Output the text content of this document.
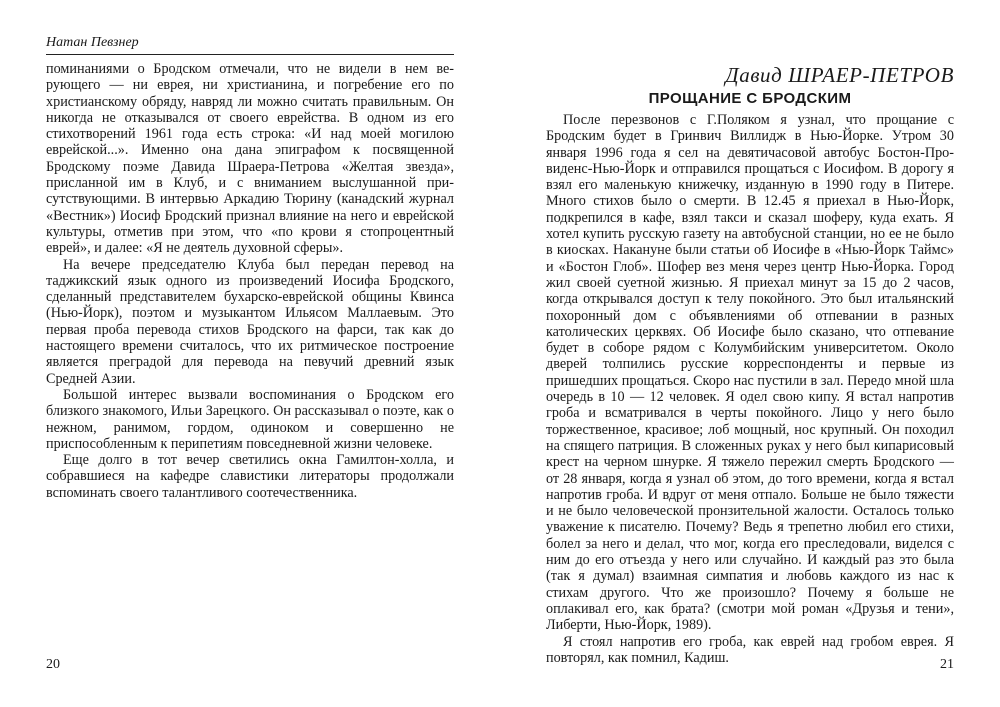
Натан Певзнер

поминаниями о Бродском отмечали, что не видели в нем верующего — ни еврея, ни христианина, и погребение его по христианскому обряду, навряд ли можно считать правильным. Он никогда не отказывался от своего еврейства. В одном из его стихотворений 1961 года есть строка: «И над моей могилою еврейской...». Именно она дана эпиграфом к посвященной Бродскому поэме Давида Шраера-Петрова «Желтая звезда», присланной им в Клуб, и с вниманием выслушанной присутствующими. В интервью Аркадию Тюрину (канадский журнал «Вестник») Иосиф Бродский признал влияние на него и еврейской культуры, отметив при этом, что «по крови я стопроцентный еврей», и далее: «Я не деятель духовной сферы».

На вечере председателю Клуба был передан перевод на таджикский язык одного из произведений Иосифа Бродского, сделанный представителем бухарско-еврейской общины Квинса (Нью-Йорк), поэтом и музыкантом Ильясом Маллаевым. Это первая проба перевода стихов Бродского на фарси, так как до настоящего времени считалось, что их ритмическое построение является преградой для перевода на певучий древний язык Средней Азии.

Большой интерес вызвали воспоминания о Бродском его близкого знакомого, Ильи Зарецкого. Он рассказывал о поэте, как о нежном, ранимом, гордом, одиноком и совершенно не приспособленным к перипетиям повседневной жизни человеке.

Еще долго в тот вечер светились окна Гамилтон-холла, и собравшиеся на кафедре славистики литераторы продолжали вспоминать своего талантливого соотечественника.

20
Давид ШРАЕР-ПЕТРОВ
ПРОЩАНИЕ С БРОДСКИМ

После перезвонов с Г.Поляком я узнал, что прощание с Бродским будет в Гринвич Виллидж в Нью-Йорке. Утром 30 января 1996 года я сел на девятичасовой автобус Бостон-Провиденс-Нью-Йорк и отправился прощаться с Иосифом. В дорогу я взял его маленькую книжечку, изданную в 1990 году в Питере. Много стихов было о смерти. В 12.45 я приехал в Нью-Йорк, подкрепился в кафе, взял такси и сказал шоферу, куда ехать. Я хотел купить русскую газету на автобусной станции, но ее не было в киосках. Накануне были статьи об Иосифе в «Нью-Йорк Таймс» и «Бостон Глоб». Шофер вез меня через центр Нью-Йорка. Город жил своей суетной жизнью. Я приехал минут за 15 до 2 часов, когда открывался доступ к телу покойного. Это был итальянский похоронный дом с объявлениями об отпевании в разных католических церквях. Об Иосифе было сказано, что отпевание будет в соборе рядом с Колумбийским университетом. Около дверей толпились русские корреспонденты и первые из пришедших прощаться. Скоро нас пустили в зал. Передо мной шла очередь в 10 — 12 человек. Я одел свою кипу. Я встал напротив гроба и всматривался в черты покойного. Лицо у него было торжественное, красивое; лоб мощный, нос крупный. Он походил на спящего патриция. В сложенных руках у него был кипарисовый крест на черном шнурке. Я тяжело пережил смерть Бродского — от 28 января, когда я узнал об этом, до того времени, когда я встал напротив гроба. И вдруг от меня отпало. Больше не было тяжести и не было человеческой пронзительной жалости. Осталось только уважение к писателю. Почему? Ведь я трепетно любил его стихи, болел за него и делал, что мог, когда его преследовали, виделся с ним до его отъезда у него или случайно. И каждый раз это была (так я думал) взаимная симпатия и любовь каждого из нас к стихам другого. Что же произошло? Почему я больше не оплакивал его, как брата? (смотри мой роман «Друзья и тени», Либерти, Нью-Йорк, 1989).

Я стоял напротив его гроба, как еврей над гробом еврея. Я повторял, как помнил, Кадиш.	21
